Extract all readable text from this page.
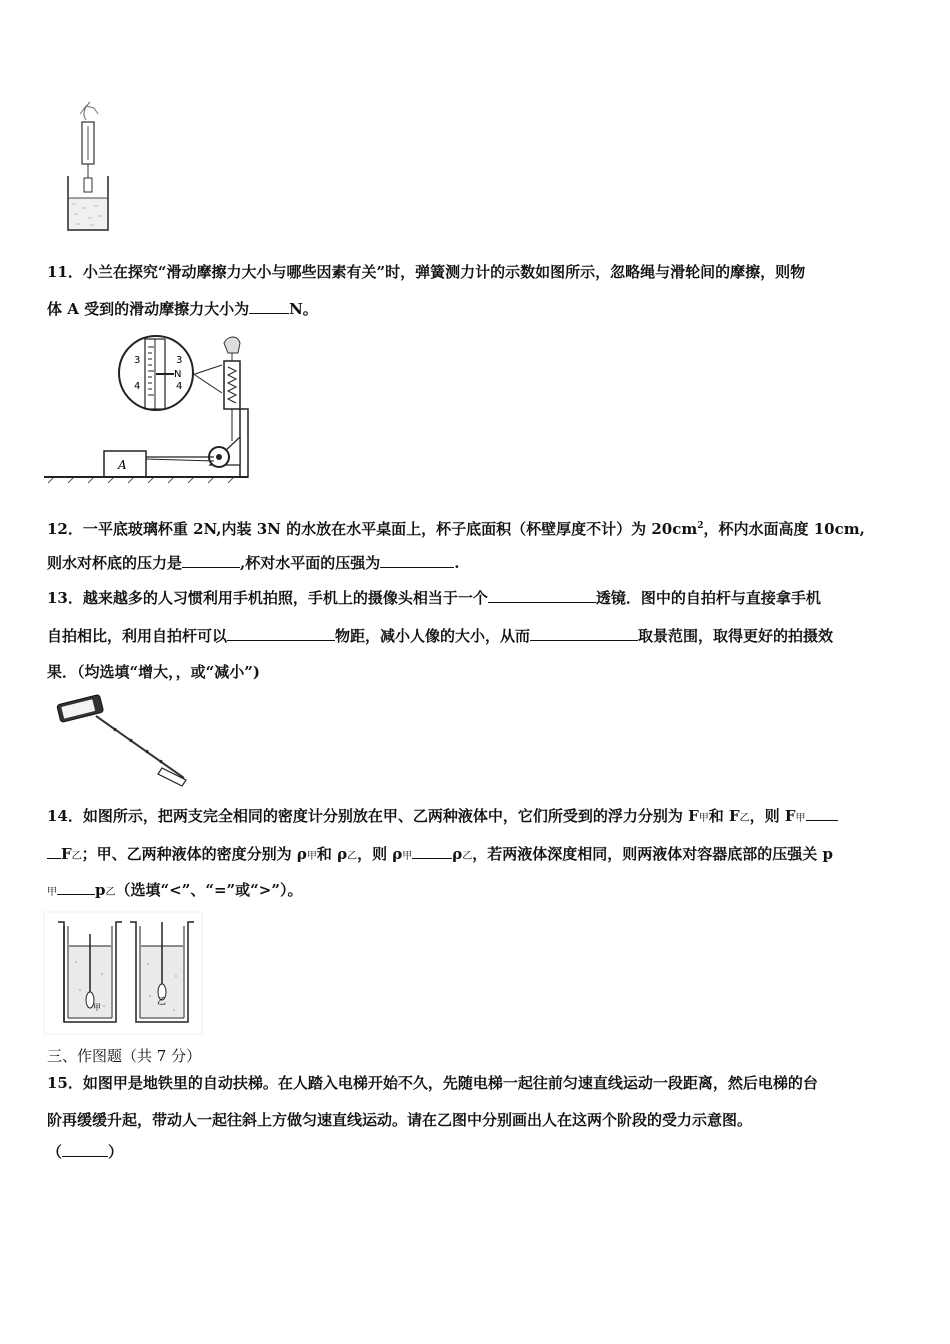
11．小兰在探究“滑动摩擦力大小与哪些因素有关”时，弹簧测力计的示数如图所示，忽略绳与滑轮间的摩擦，则物
体 A 受到的滑动摩擦力大小为	N。
3	3
4	4
N
A
12．一平底玻璃杯重 2N,内装 3N 的水放在水平桌面上，杯子底面积（杯壁厚度不计）为 $20cm^2$，杯内水面高度 10cm,
则水对杯底的压力是	,杯对水平面的压强为	.
13．越来越多的人习惯利用手机拍照，手机上的摄像头相当于一个	透镜．图中的自拍杆与直接拿手机
自拍相比，利用自拍杆可以	物距，减小人像的大小，从而	取景范围，取得更好的拍摄效
果．（均选填“增大，，或“减小”)
14．如图所示，把两支完全相同的密度计分别放在甲、乙两种液体中，它们所受到的浮力分别为 F甲和 F乙，则 F甲
F乙；甲、乙两种液体的密度分别为 ρ甲和 ρ乙，则 ρ甲	ρ乙，若两液体深度相同，则两液体对容器底部的压强关 p
甲	p乙（选填“<”、“=”或“>”）。
甲
乙
三、作图题（共 7 分）
15．如图甲是地铁里的自动扶梯。在人踏入电梯开始不久，先随电梯一起往前匀速直线运动一段距离，然后电梯的台
阶再缓缓升起，带动人一起往斜上方做匀速直线运动。请在乙图中分别画出人在这两个阶段的受力示意图。
（	）
